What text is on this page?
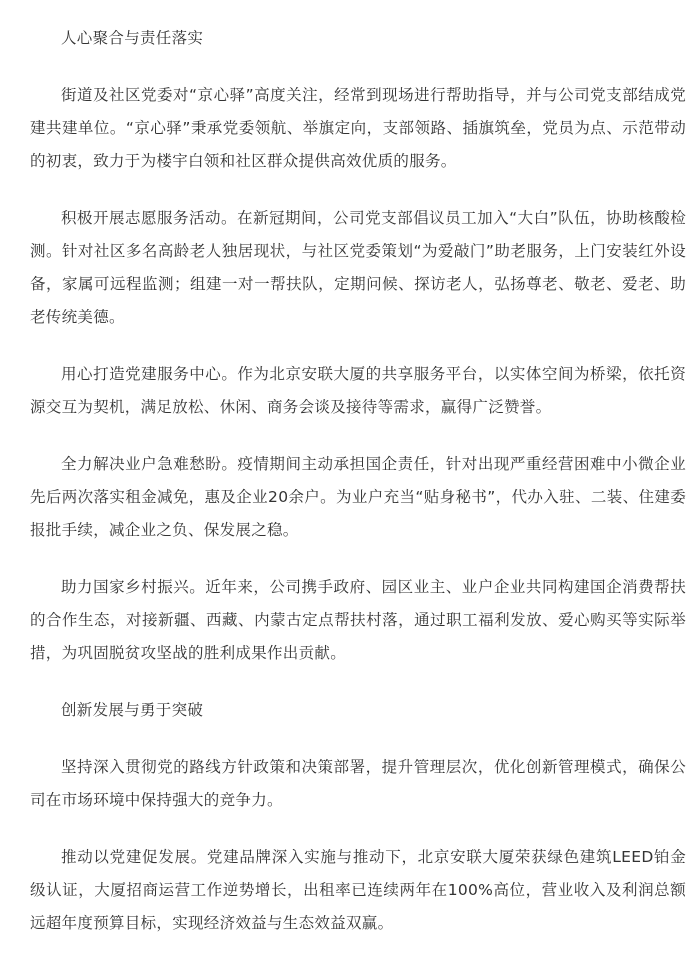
人心聚合与责任落实

街道及社区党委对“京心驿”高度关注，经常到现场进行帮助指导，并与公司党支部结成党建共建单位。“京心驿”秉承党委领航、举旗定向，支部领路、插旗筑垒，党员为点、示范带动的初衷，致力于为楼宇白领和社区群众提供高效优质的服务。

积极开展志愿服务活动。在新冠期间，公司党支部倡议员工加入“大白”队伍，协助核酸检测。针对社区多名高龄老人独居现状，与社区党委策划“为爱敲门”助老服务，上门安装红外设备，家属可远程监测；组建一对一帮扶队，定期问候、探访老人，弘扬尊老、敬老、爱老、助老传统美德。

用心打造党建服务中心。作为北京安联大厦的共享服务平台，以实体空间为桥梁，依托资源交互为契机，满足放松、休闲、商务会谈及接待等需求，赢得广泛赞誉。

全力解决业户急难愁盼。疫情期间主动承担国企责任，针对出现严重经营困难中小微企业先后两次落实租金减免，惠及企业20余户。为业户充当“贴身秘书”，代办入驻、二装、住建委报批手续，减企业之负、保发展之稳。

助力国家乡村振兴。近年来，公司携手政府、园区业主、业户企业共同构建国企消费帮扶的合作生态，对接新疆、西藏、内蒙古定点帮扶村落，通过职工福利发放、爱心购买等实际举措，为巩固脱贫攻坚战的胜利成果作出贡献。

创新发展与勇于突破

坚持深入贯彻党的路线方针政策和决策部署，提升管理层次，优化创新管理模式，确保公司在市场环境中保持强大的竞争力。

推动以党建促发展。党建品牌深入实施与推动下，北京安联大厦荣获绿色建筑LEED铂金级认证，大厦招商运营工作逆势增长，出租率已连续两年在100%高位，营业收入及利润总额远超年度预算目标，实现经济效益与生态效益双赢。
